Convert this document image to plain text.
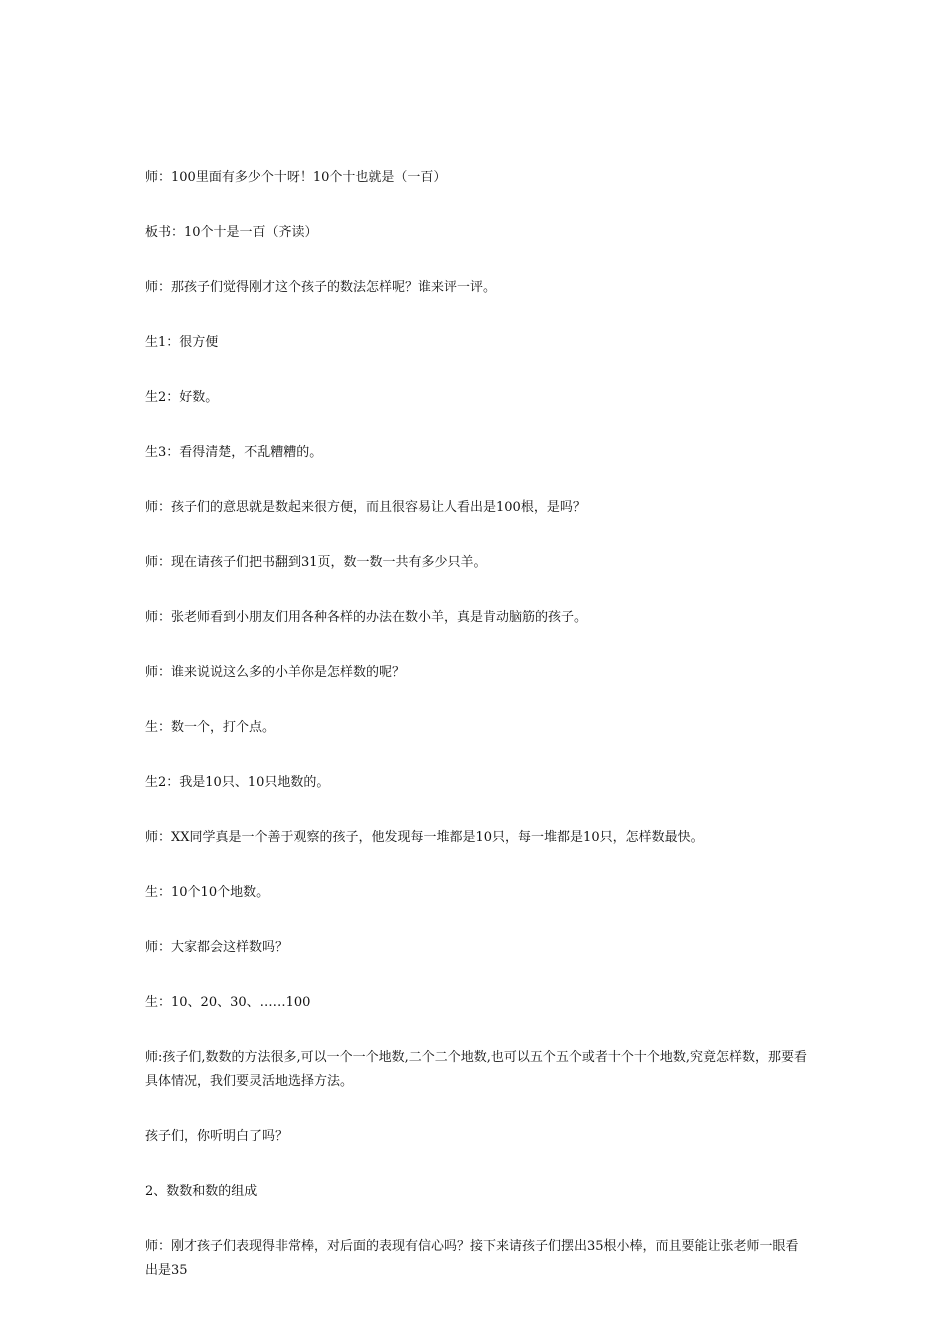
师：100里面有多少个十呀！10个十也就是（一百）

板书：10个十是一百（齐读）

师：那孩子们觉得刚才这个孩子的数法怎样呢？谁来评一评。

生1：很方便

生2：好数。

生3：看得清楚，不乱糟糟的。

师：孩子们的意思就是数起来很方便，而且很容易让人看出是100根，是吗？

师：现在请孩子们把书翻到31页，数一数一共有多少只羊。

师：张老师看到小朋友们用各种各样的办法在数小羊，真是肯动脑筋的孩子。

师：谁来说说这么多的小羊你是怎样数的呢？

生：数一个，打个点。

生2：我是10只、10只地数的。

师：XX同学真是一个善于观察的孩子，他发现每一堆都是10只，每一堆都是10只，怎样数最快。

生：10个10个地数。

师：大家都会这样数吗？

生：10、20、30、……100

师:孩子们,数数的方法很多,可以一个一个地数,二个二个地数,也可以五个五个或者十个十个地数,究竟怎样数，那要看具体情况，我们要灵活地选择方法。

孩子们，你听明白了吗？

2、数数和数的组成

师：刚才孩子们表现得非常棒，对后面的表现有信心吗？接下来请孩子们摆出35根小棒，而且要能让张老师一眼看出是35
